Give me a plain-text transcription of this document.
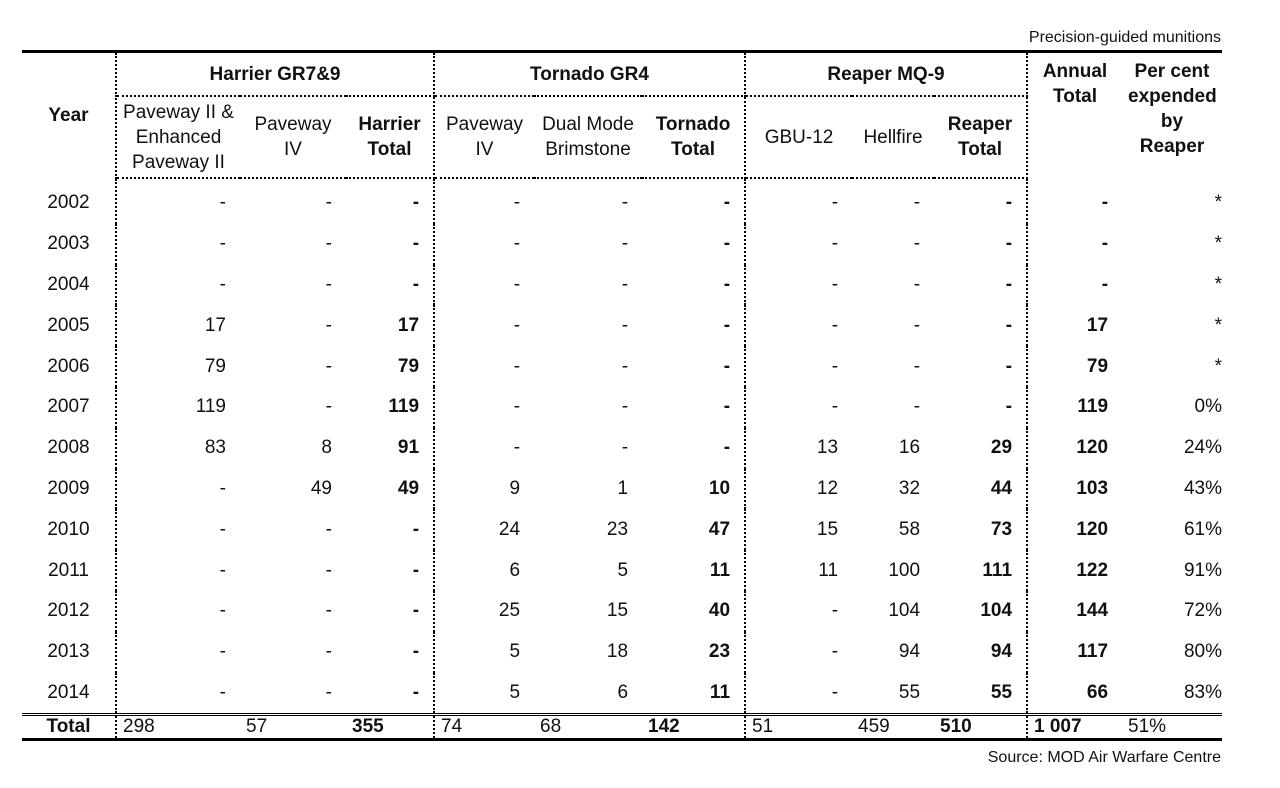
Precision-guided munitions
Year	Harrier GR7&9			Tornado GR4			Reaper MQ-9			Annual Total	Per cent expended by Reaper
	Paveway II & Enhanced Paveway II	Paveway IV	Harrier Total	Paveway IV	Dual Mode Brimstone	Tornado Total	GBU-12	Hellfire	Reaper Total		
2002	-	-	-	-	-	-	-	-	-	-	*
2003	-	-	-	-	-	-	-	-	-	-	*
2004	-	-	-	-	-	-	-	-	-	-	*
2005	17	-	17	-	-	-	-	-	-	17	*
2006	79	-	79	-	-	-	-	-	-	79	*
2007	119	-	119	-	-	-	-	-	-	119	0%
2008	83	8	91	-	-	-	13	16	29	120	24%
2009	-	49	49	9	1	10	12	32	44	103	43%
2010	-	-	-	24	23	47	15	58	73	120	61%
2011	-	-	-	6	5	11	11	100	111	122	91%
2012	-	-	-	25	15	40	-	104	104	144	72%
2013	-	-	-	5	18	23	-	94	94	117	80%
2014	-	-	-	5	6	11	-	55	55	66	83%
Total	298	57	355	74	68	142	51	459	510	1 007	51%
Source: MOD Air Warfare Centre
